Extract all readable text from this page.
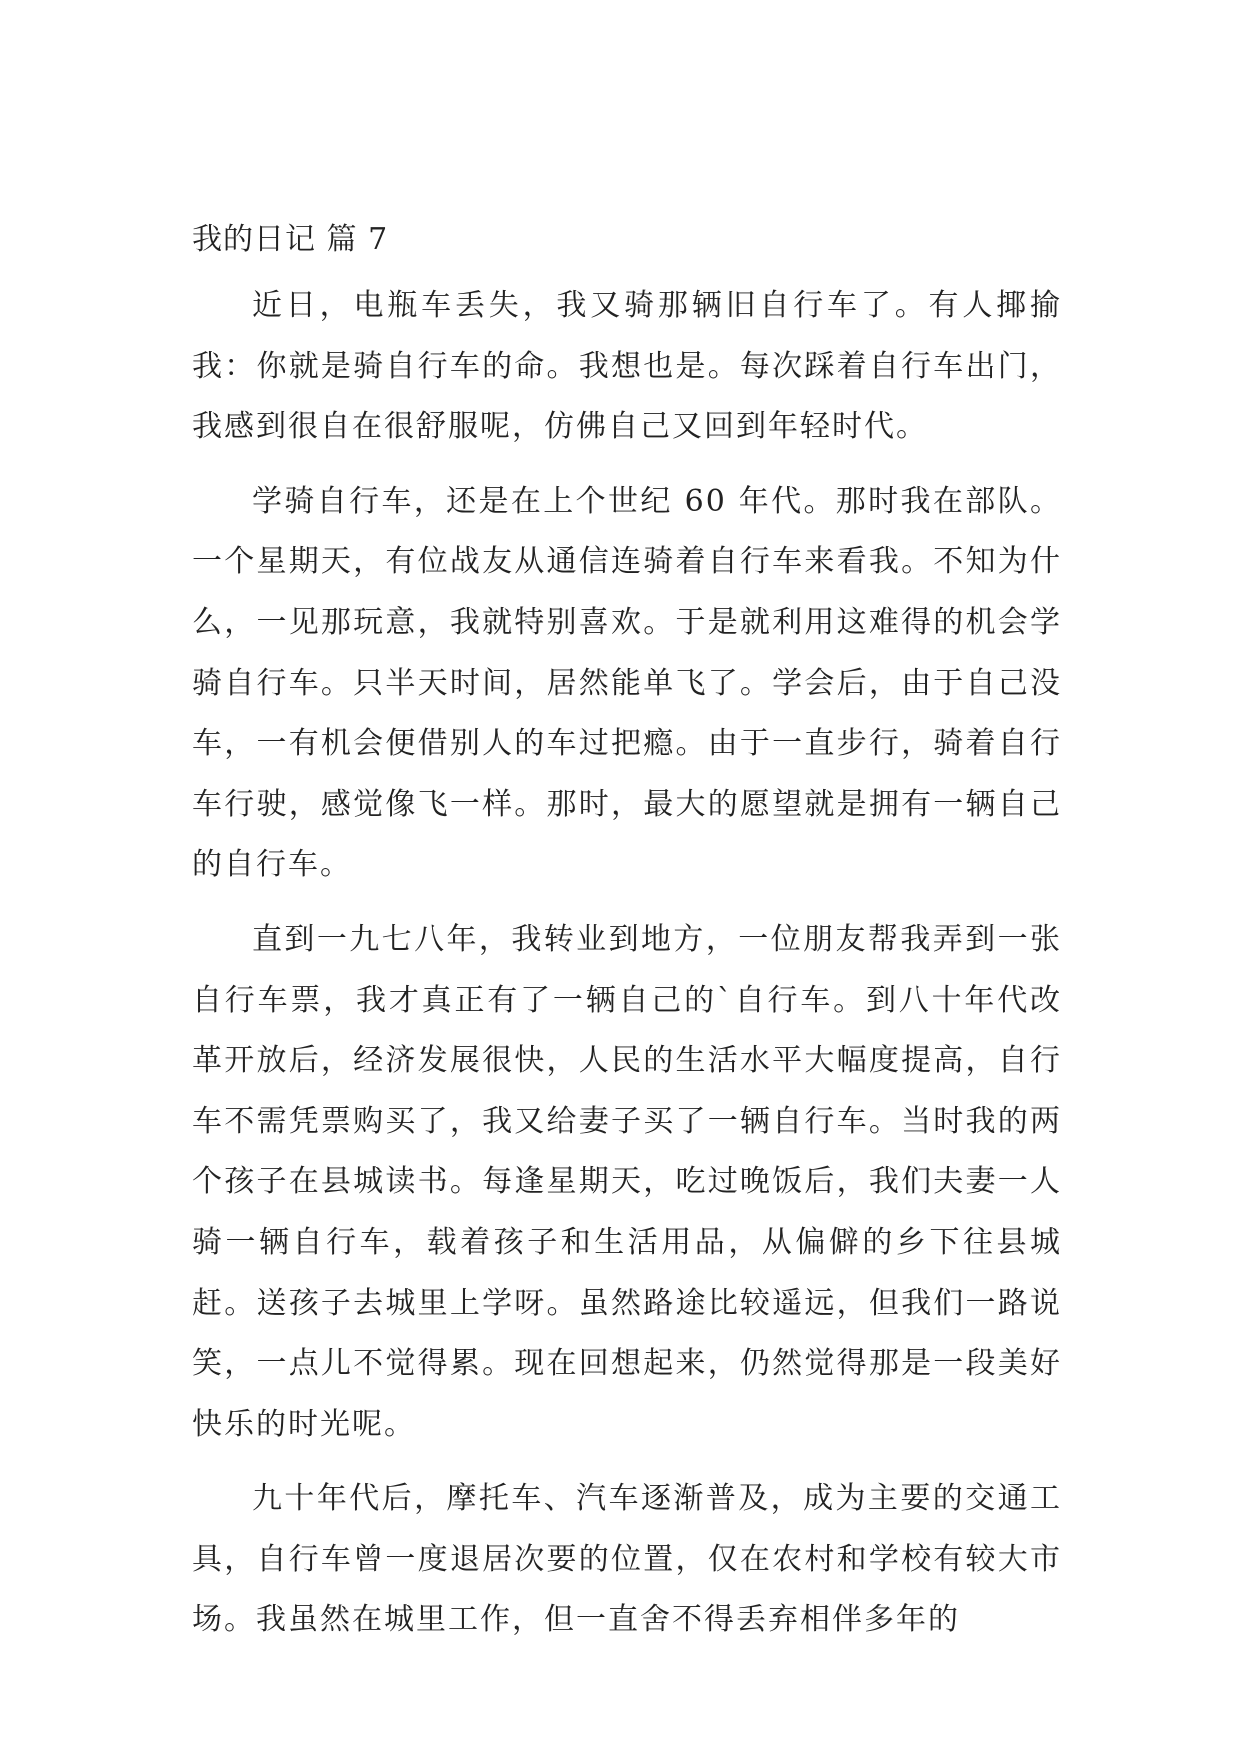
我的日记 篇 7

近日，电瓶车丢失，我又骑那辆旧自行车了。有人揶揄我：你就是骑自行车的命。我想也是。每次踩着自行车出门，我感到很自在很舒服呢，仿佛自己又回到年轻时代。

学骑自行车，还是在上个世纪 60 年代。那时我在部队。一个星期天，有位战友从通信连骑着自行车来看我。不知为什么，一见那玩意，我就特别喜欢。于是就利用这难得的机会学骑自行车。只半天时间，居然能单飞了。学会后，由于自己没车，一有机会便借别人的车过把瘾。由于一直步行，骑着自行车行驶，感觉像飞一样。那时，最大的愿望就是拥有一辆自己的自行车。

直到一九七八年，我转业到地方，一位朋友帮我弄到一张自行车票，我才真正有了一辆自己的`自行车。到八十年代改革开放后，经济发展很快，人民的生活水平大幅度提高，自行车不需凭票购买了，我又给妻子买了一辆自行车。当时我的两个孩子在县城读书。每逢星期天，吃过晚饭后，我们夫妻一人骑一辆自行车，载着孩子和生活用品，从偏僻的乡下往县城赶。送孩子去城里上学呀。虽然路途比较遥远，但我们一路说笑，一点儿不觉得累。现在回想起来，仍然觉得那是一段美好快乐的时光呢。

九十年代后，摩托车、汽车逐渐普及，成为主要的交通工具，自行车曾一度退居次要的位置，仅在农村和学校有较大市场。我虽然在城里工作，但一直舍不得丢弃相伴多年的
